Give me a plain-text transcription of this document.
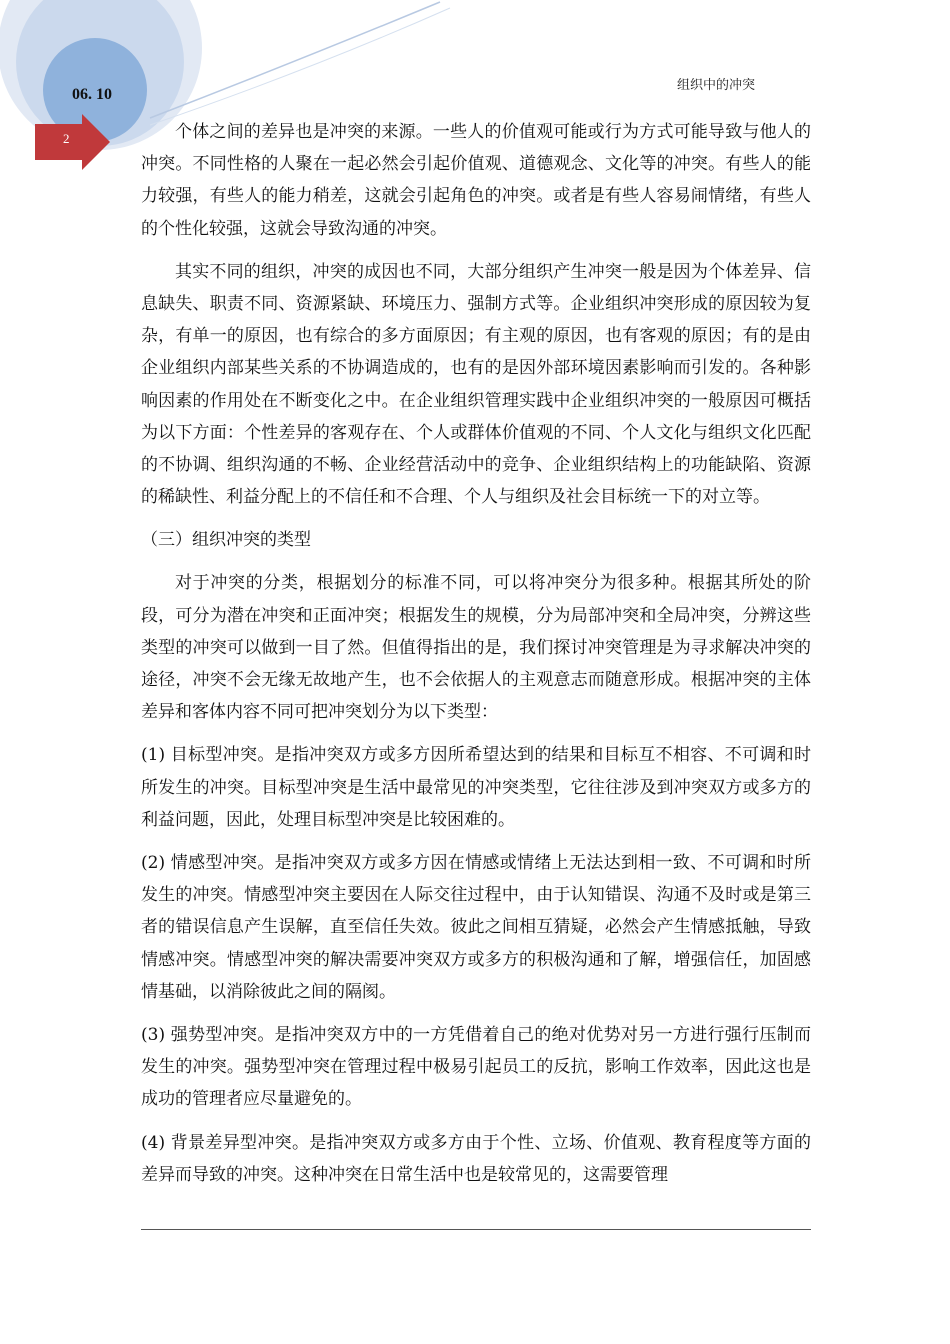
06. 10
2
组织中的冲突

个体之间的差异也是冲突的来源。一些人的价值观可能或行为方式可能导致与他人的冲突。不同性格的人聚在一起必然会引起价值观、道德观念、文化等的冲突。有些人的能力较强，有些人的能力稍差，这就会引起角色的冲突。或者是有些人容易闹情绪，有些人的个性化较强，这就会导致沟通的冲突。

其实不同的组织，冲突的成因也不同，大部分组织产生冲突一般是因为个体差异、信息缺失、职责不同、资源紧缺、环境压力、强制方式等。企业组织冲突形成的原因较为复杂，有单一的原因，也有综合的多方面原因；有主观的原因，也有客观的原因；有的是由企业组织内部某些关系的不协调造成的，也有的是因外部环境因素影响而引发的。各种影响因素的作用处在不断变化之中。在企业组织管理实践中企业组织冲突的一般原因可概括为以下方面：个性差异的客观存在、个人或群体价值观的不同、个人文化与组织文化匹配的不协调、组织沟通的不畅、企业经营活动中的竞争、企业组织结构上的功能缺陷、资源的稀缺性、利益分配上的不信任和不合理、个人与组织及社会目标统一下的对立等。

（三）组织冲突的类型

对于冲突的分类，根据划分的标准不同，可以将冲突分为很多种。根据其所处的阶段，可分为潜在冲突和正面冲突；根据发生的规模，分为局部冲突和全局冲突，分辨这些类型的冲突可以做到一目了然。但值得指出的是，我们探讨冲突管理是为寻求解决冲突的途径，冲突不会无缘无故地产生，也不会依据人的主观意志而随意形成。根据冲突的主体差异和客体内容不同可把冲突划分为以下类型：

(1) 目标型冲突。是指冲突双方或多方因所希望达到的结果和目标互不相容、不可调和时所发生的冲突。目标型冲突是生活中最常见的冲突类型，它往往涉及到冲突双方或多方的利益问题，因此，处理目标型冲突是比较困难的。

(2) 情感型冲突。是指冲突双方或多方因在情感或情绪上无法达到相一致、不可调和时所发生的冲突。情感型冲突主要因在人际交往过程中，由于认知错误、沟通不及时或是第三者的错误信息产生误解，直至信任失效。彼此之间相互猜疑，必然会产生情感抵触，导致情感冲突。情感型冲突的解决需要冲突双方或多方的积极沟通和了解，增强信任，加固感情基础，以消除彼此之间的隔阂。

(3) 强势型冲突。是指冲突双方中的一方凭借着自己的绝对优势对另一方进行强行压制而发生的冲突。强势型冲突在管理过程中极易引起员工的反抗，影响工作效率，因此这也是成功的管理者应尽量避免的。

(4) 背景差异型冲突。是指冲突双方或多方由于个性、立场、价值观、教育程度等方面的差异而导致的冲突。这种冲突在日常生活中也是较常见的，这需要管理
